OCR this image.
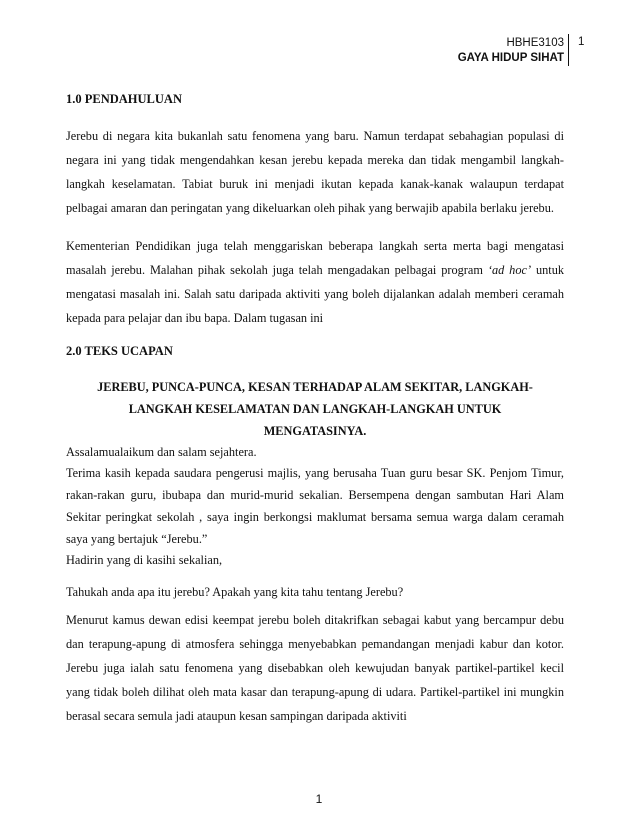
HBHE3103
GAYA HIDUP SIHAT
1
1.0 PENDAHULUAN

Jerebu di negara kita bukanlah satu fenomena yang baru. Namun terdapat sebahagian populasi di negara ini yang tidak mengendahkan kesan jerebu kepada mereka dan tidak mengambil langkah-langkah keselamatan. Tabiat buruk ini menjadi ikutan kepada kanak-kanak walaupun terdapat pelbagai amaran dan peringatan yang dikeluarkan oleh pihak yang berwajib apabila berlaku jerebu.

Kementerian Pendidikan juga telah menggariskan beberapa langkah serta merta bagi mengatasi masalah jerebu. Malahan pihak sekolah juga telah mengadakan pelbagai program ‘ad hoc’ untuk mengatasi masalah ini. Salah satu daripada aktiviti yang boleh dijalankan adalah memberi ceramah kepada para pelajar dan ibu bapa. Dalam tugasan ini

2.0 TEKS UCAPAN
JEREBU, PUNCA-PUNCA, KESAN TERHADAP ALAM SEKITAR, LANGKAH-LANGKAH KESELAMATAN DAN LANGKAH-LANGKAH UNTUK MENGATASINYA.

Assalamualaikum dan salam sejahtera.

Terima kasih kepada saudara pengerusi majlis, yang berusaha Tuan guru besar SK. Penjom Timur, rakan-rakan guru, ibubapa dan murid-murid sekalian. Bersempena dengan sambutan Hari Alam Sekitar peringkat sekolah , saya ingin berkongsi maklumat bersama semua warga dalam ceramah saya yang bertajuk “Jerebu.”

Hadirin yang di kasihi sekalian,

Tahukah anda apa itu jerebu? Apakah yang kita tahu tentang Jerebu?

Menurut kamus dewan edisi keempat jerebu boleh ditakrifkan sebagai kabut yang bercampur debu dan terapung-apung di atmosfera sehingga menyebabkan pemandangan menjadi kabur dan kotor. Jerebu juga ialah satu fenomena yang disebabkan oleh kewujudan banyak partikel-partikel kecil yang tidak boleh dilihat oleh mata kasar dan terapung-apung di udara. Partikel-partikel ini mungkin berasal secara semula jadi ataupun kesan sampingan daripada aktiviti

1
